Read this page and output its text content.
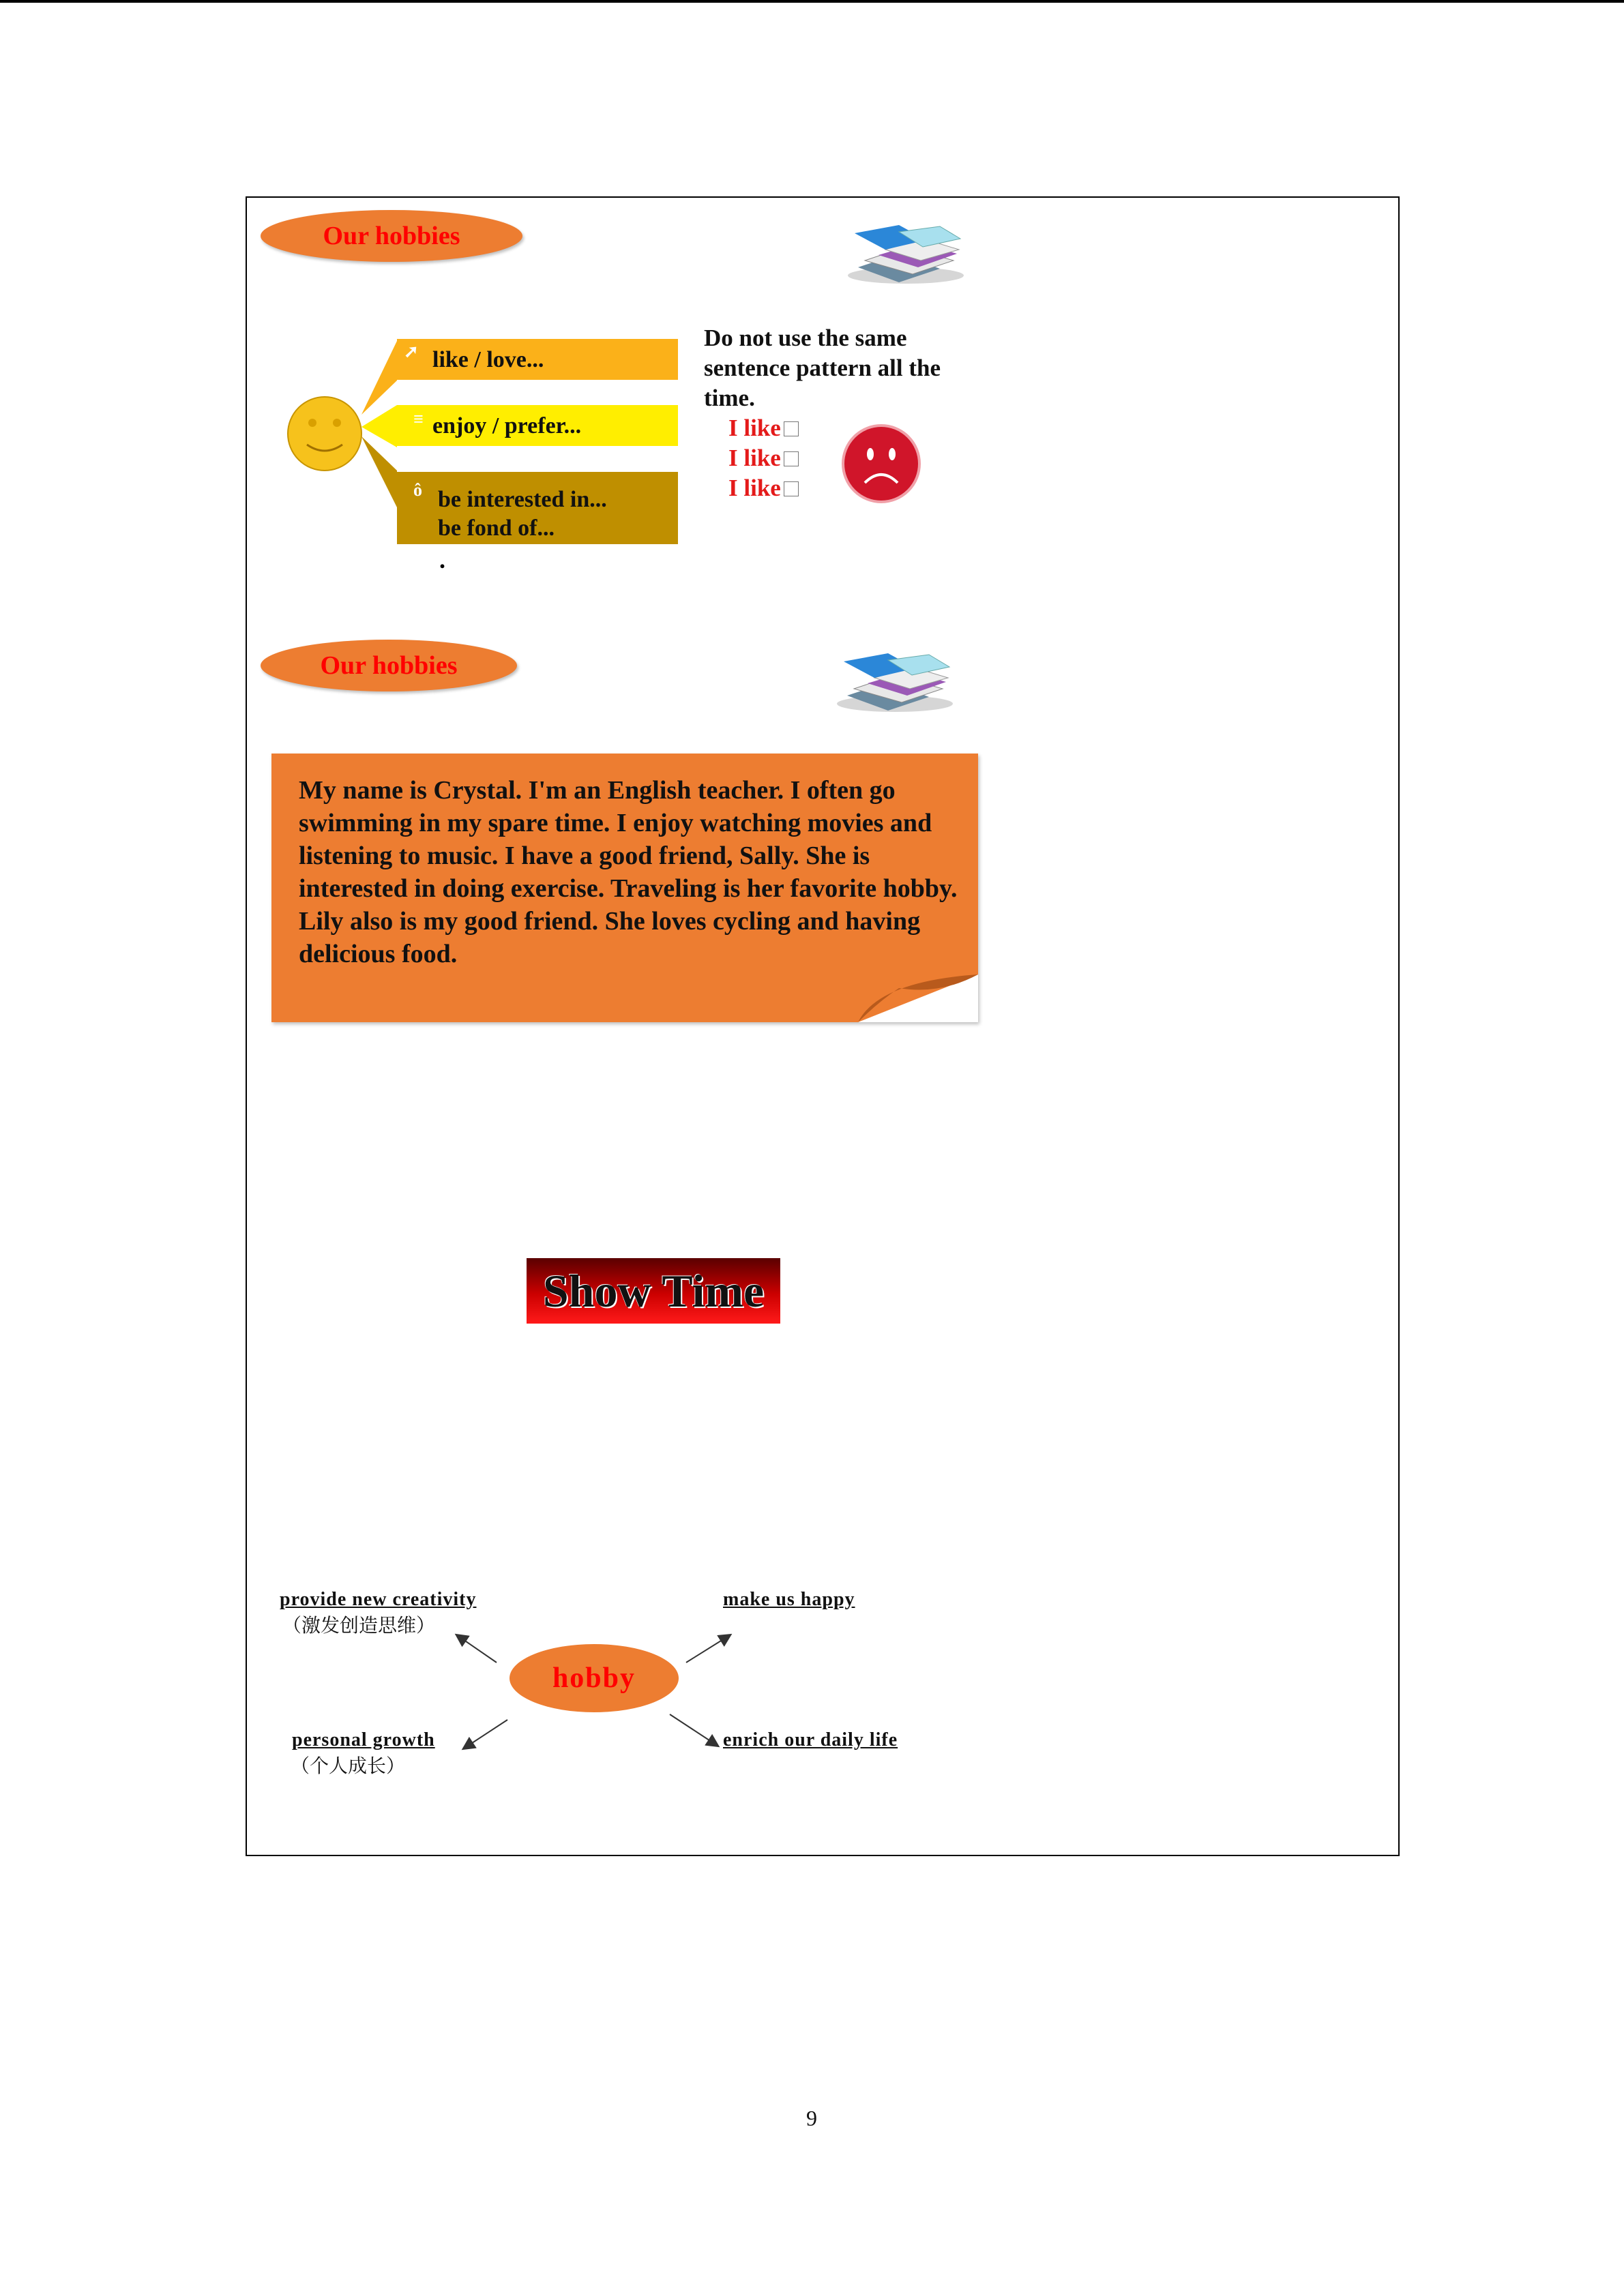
Our hobbies
➚ like / love...
≡ enjoy / prefer...
ô be interested in...
be fond of...
.
Do not use the same
sentence pattern all the
time.
I like
I like
I like
Our hobbies

My name is Crystal. I'm an English teacher. I often go swimming in my spare time. I enjoy watching movies and listening to music. I have a good friend, Sally. She is interested in doing exercise. Traveling is her favorite hobby. Lily also is my good friend. She loves cycling and having delicious food.

Show Time
provide new creativity
（激发创造思维）
make us happy
personal growth
（个人成长）
enrich our daily life
hobby
9
